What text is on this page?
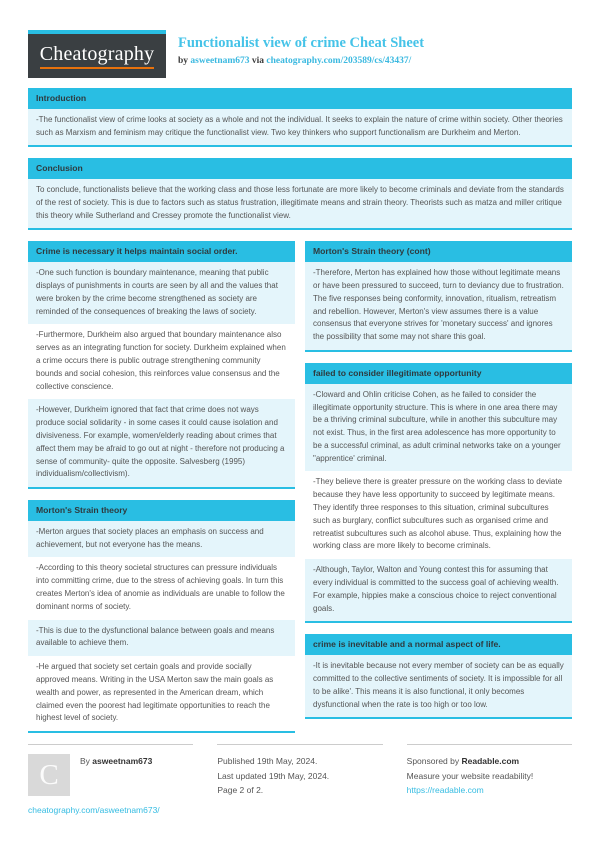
Cheatography Functionalist view of crime Cheat Sheet

by asweetnam673 via cheatography.com/203589/cs/43437/

Introduction

-The functionalist view of crime looks at society as a whole and not the individual. It seeks to explain the nature of crime within society. Other theories such as Marxism and feminism may critique the functionalist view. Two key thinkers who support functionalism are Durkheim and Merton.

Conclusion

To conclude, functionalists believe that the working class and those less fortunate are more likely to become criminals and deviate from the standards of the rest of society. This is due to factors such as status frustration, illegitimate means and strain theory. Theorists such as matza and miller critique this theory while Sutherland and Cressey promote the functionalist view.

Crime is necessary it helps maintain social order.

-One such function is boundary maintenance, meaning that public displays of punishments in courts are seen by all and the values that were broken by the crime become strengthened as society are reminded of the consequences of breaking the laws of society.

-Furthermore, Durkheim also argued that boundary maintenance also serves as an integrating function for society. Durkheim explained when a crime occurs there is public outrage strengthening community bounds and social cohesion, this reinforces value consensus and the collective conscience.

-However, Durkheim ignored that fact that crime does not ways produce social solidarity - in some cases it could cause isolation and divisiveness. For example, women/elderly reading about crimes that affect them may be afraid to go out at night - therefore not producing a sense of community- quite the opposite. Salvesberg (1995) individualism/collectivism).

Morton's Strain theory

-Merton argues that society places an emphasis on success and achievement, but not everyone has the means.

-According to this theory societal structures can pressure individuals into committing crime, due to the stress of achieving goals. In turn this creates Merton's idea of anomie as individuals are unable to follow the dominant norms of society.

-This is due to the dysfunctional balance between goals and means available to achieve them.

-He argued that society set certain goals and provide socially approved means. Writing in the USA Merton saw the main goals as wealth and power, as represented in the American dream, which claimed even the poorest had legitimate opportunities to reach the highest level of society.

Morton's Strain theory (cont)

-Therefore, Merton has explained how those without legitimate means or have been pressured to succeed, turn to deviancy due to frustration. The five responses being conformity, innovation, ritualism, retreatism and rebellion. However, Merton's view assumes there is a value consensus that everyone strives for 'monetary success' and ignores the possibility that some may not share this goal.

failed to consider illegitimate opportunity

-Cloward and Ohlin criticise Cohen, as he failed to consider the illegitimate opportunity structure. This is where in one area there may be a thriving criminal subculture, while in another this subculture may not exist. Thus, in the first area adolescence has more opportunity to be a successful criminal, as adult criminal networks take on a younger "apprentice' criminal.

-They believe there is greater pressure on the working class to deviate because they have less opportunity to succeed by legitimate means. They identify three responses to this situation, criminal subcultures such as burglary, conflict subcultures such as organised crime and retreatist subcultures such as alcohol abuse. Thus, explaining how the working class are more likely to become criminals.

-Although, Taylor, Walton and Young contest this for assuming that every individual is committed to the success goal of achieving wealth. For example, hippies make a conscious choice to reject conventional goals.

crime is inevitable and a normal aspect of life.

-It is inevitable because not every member of society can be as equally committed to the collective sentiments of society. It is impossible for all to be alike'. This means it is also functional, it only becomes dysfunctional when the rate is too high or too low.

C	By asweetnam673
cheatography.com/asweetnam673/
Published 19th May, 2024.
Last updated 19th May, 2024.
Page 2 of 2.
Sponsored by Readable.com
Measure your website readability!
https://readable.com
